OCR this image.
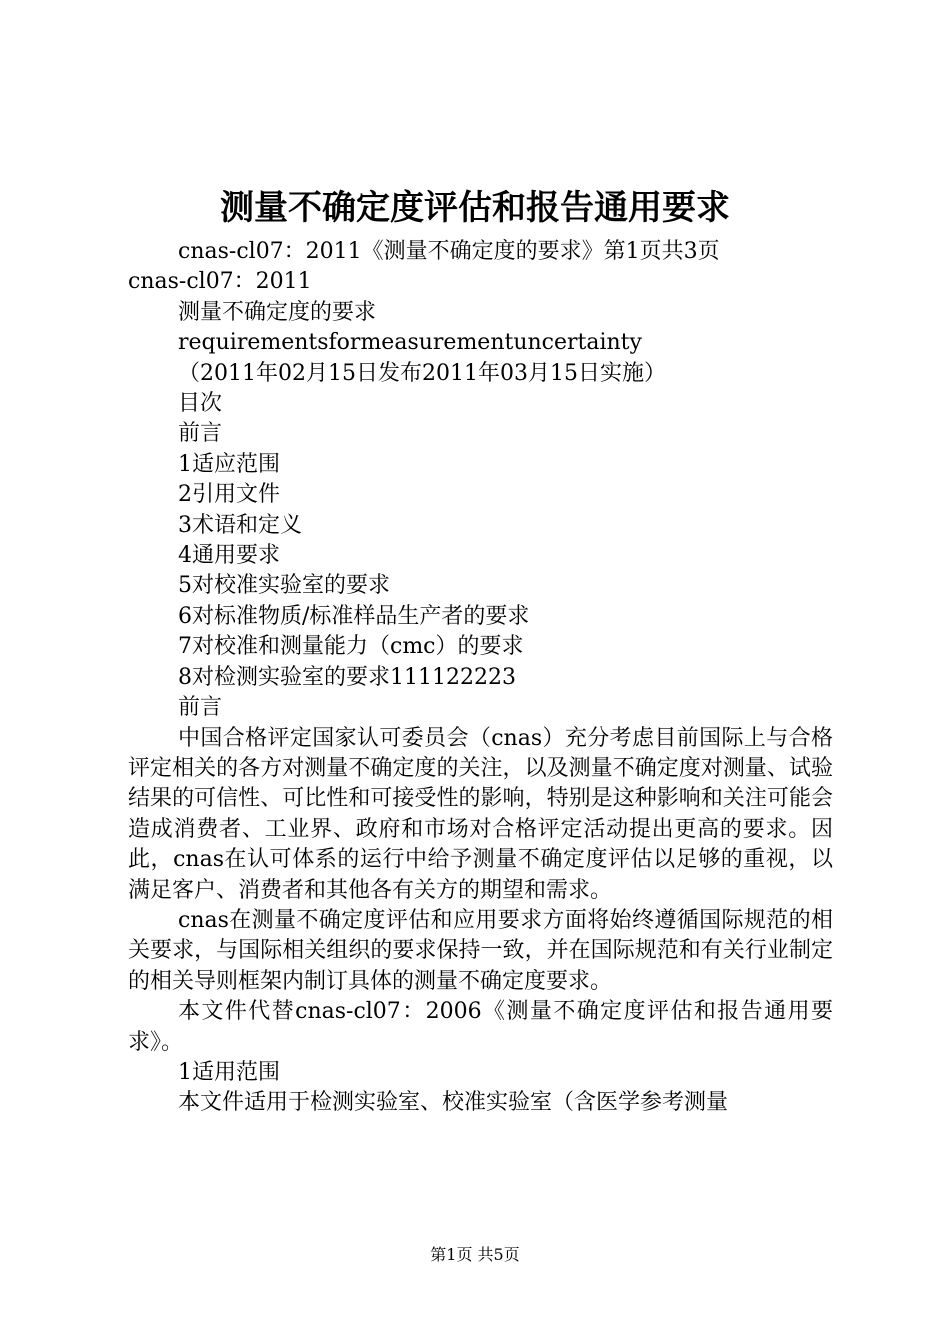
测量不确定度评估和报告通用要求
cnas-cl07：2011《测量不确定度的要求》第1页共3页
cnas-cl07：2011
测量不确定度的要求
requirementsformeasurementuncertainty
（2011年02月15日发布2011年03月15日实施）
目次
前言
1适应范围
2引用文件
3术语和定义
4通用要求
5对校准实验室的要求
6对标准物质/标准样品生产者的要求
7对校准和测量能力（cmc）的要求
8对检测实验室的要求111122223
前言
中国合格评定国家认可委员会（cnas）充分考虑目前国际上与合格评定相关的各方对测量不确定度的关注，以及测量不确定度对测量、试验结果的可信性、可比性和可接受性的影响，特别是这种影响和关注可能会造成消费者、工业界、政府和市场对合格评定活动提出更高的要求。因此，cnas在认可体系的运行中给予测量不确定度评估以足够的重视，以满足客户、消费者和其他各有关方的期望和需求。
cnas在测量不确定度评估和应用要求方面将始终遵循国际规范的相关要求，与国际相关组织的要求保持一致，并在国际规范和有关行业制定的相关导则框架内制订具体的测量不确定度要求。
本文件代替cnas-cl07：2006《测量不确定度评估和报告通用要求》。
1适用范围
本文件适用于检测实验室、校准实验室（含医学参考测量
第1页 共5页
